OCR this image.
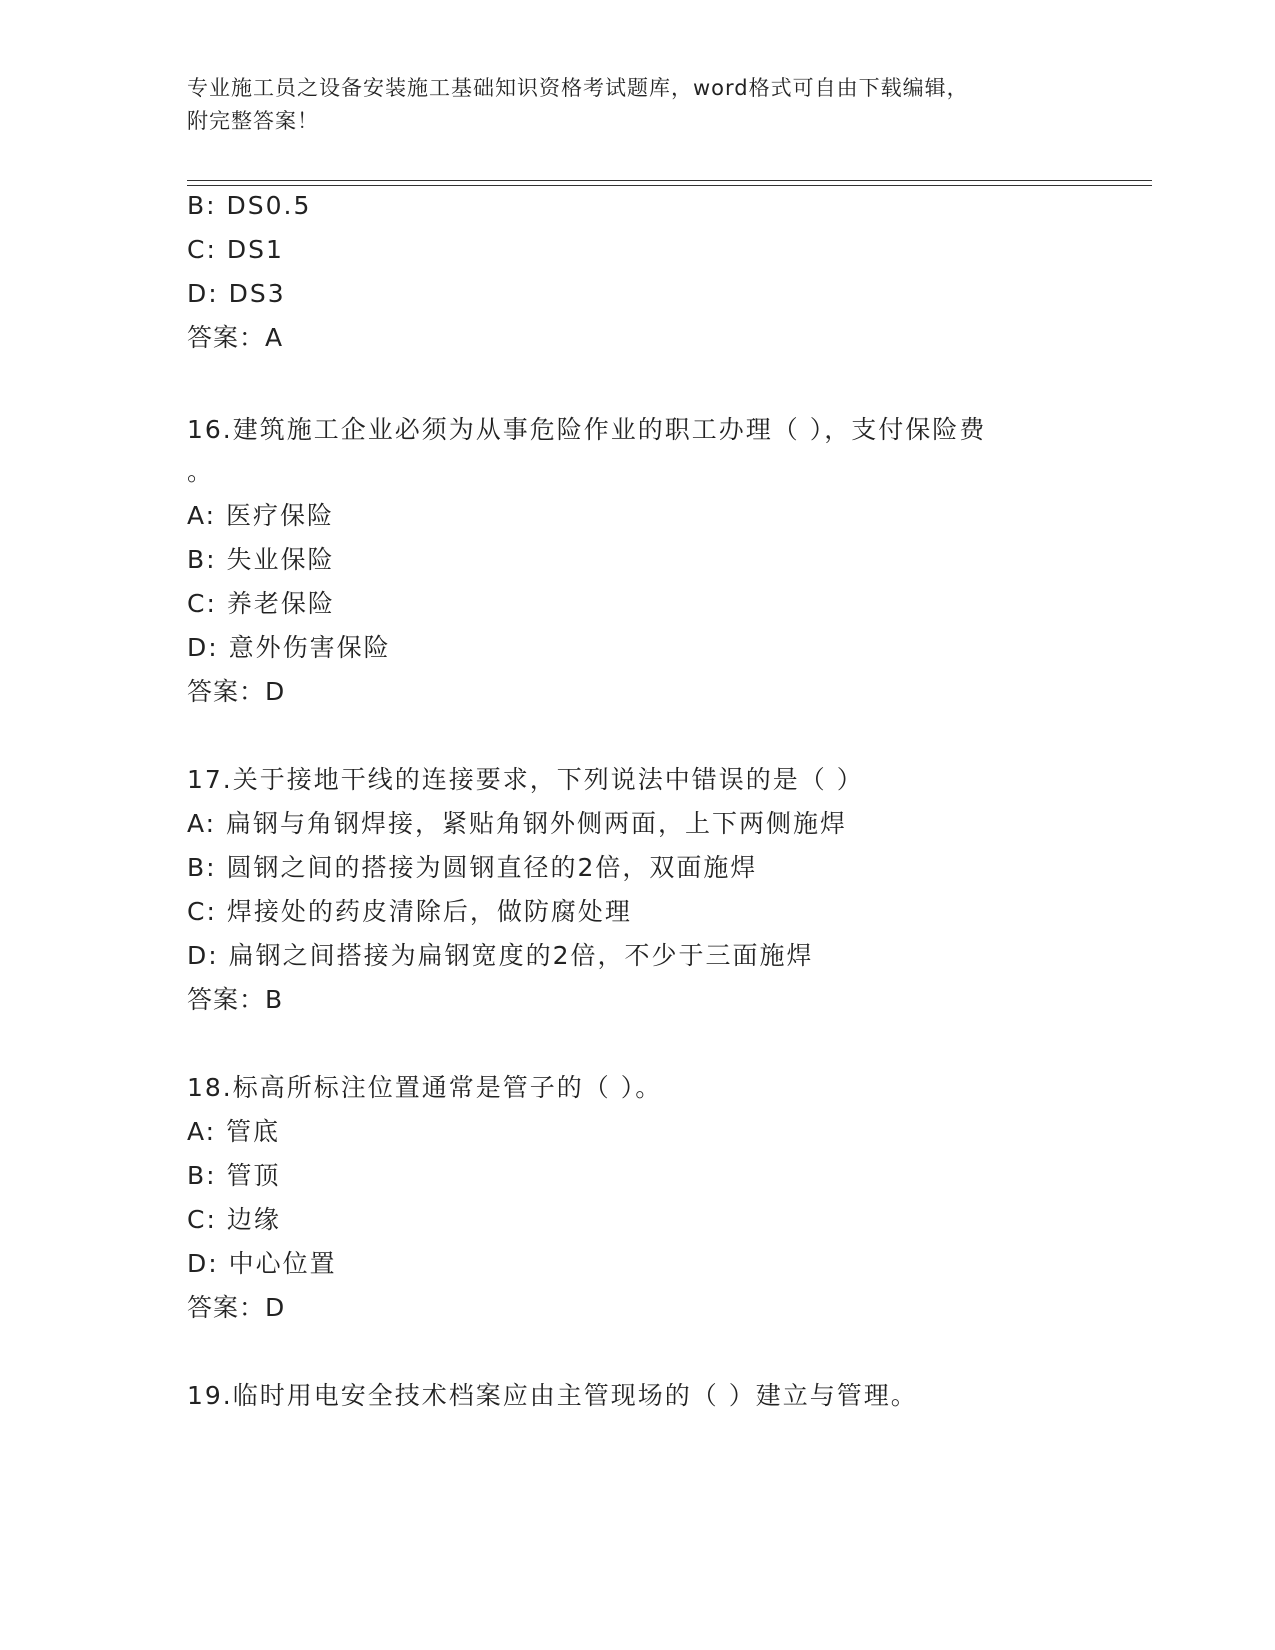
专业施工员之设备安装施工基础知识资格考试题库，word格式可自由下载编辑，
附完整答案！
B: DS0.5
C: DS1
D: DS3
答案：A
16.建筑施工企业必须为从事危险作业的职工办理（ ），支付保险费
。
A: 医疗保险
B: 失业保险
C: 养老保险
D: 意外伤害保险
答案：D
17.关于接地干线的连接要求，下列说法中错误的是（ ）
A: 扁钢与角钢焊接，紧贴角钢外侧两面，上下两侧施焊
B: 圆钢之间的搭接为圆钢直径的2倍，双面施焊
C: 焊接处的药皮清除后，做防腐处理
D: 扁钢之间搭接为扁钢宽度的2倍，不少于三面施焊
答案：B
18.标高所标注位置通常是管子的（ ）。
A: 管底
B: 管顶
C: 边缘
D: 中心位置
答案：D
19.临时用电安全技术档案应由主管现场的（ ）建立与管理。
